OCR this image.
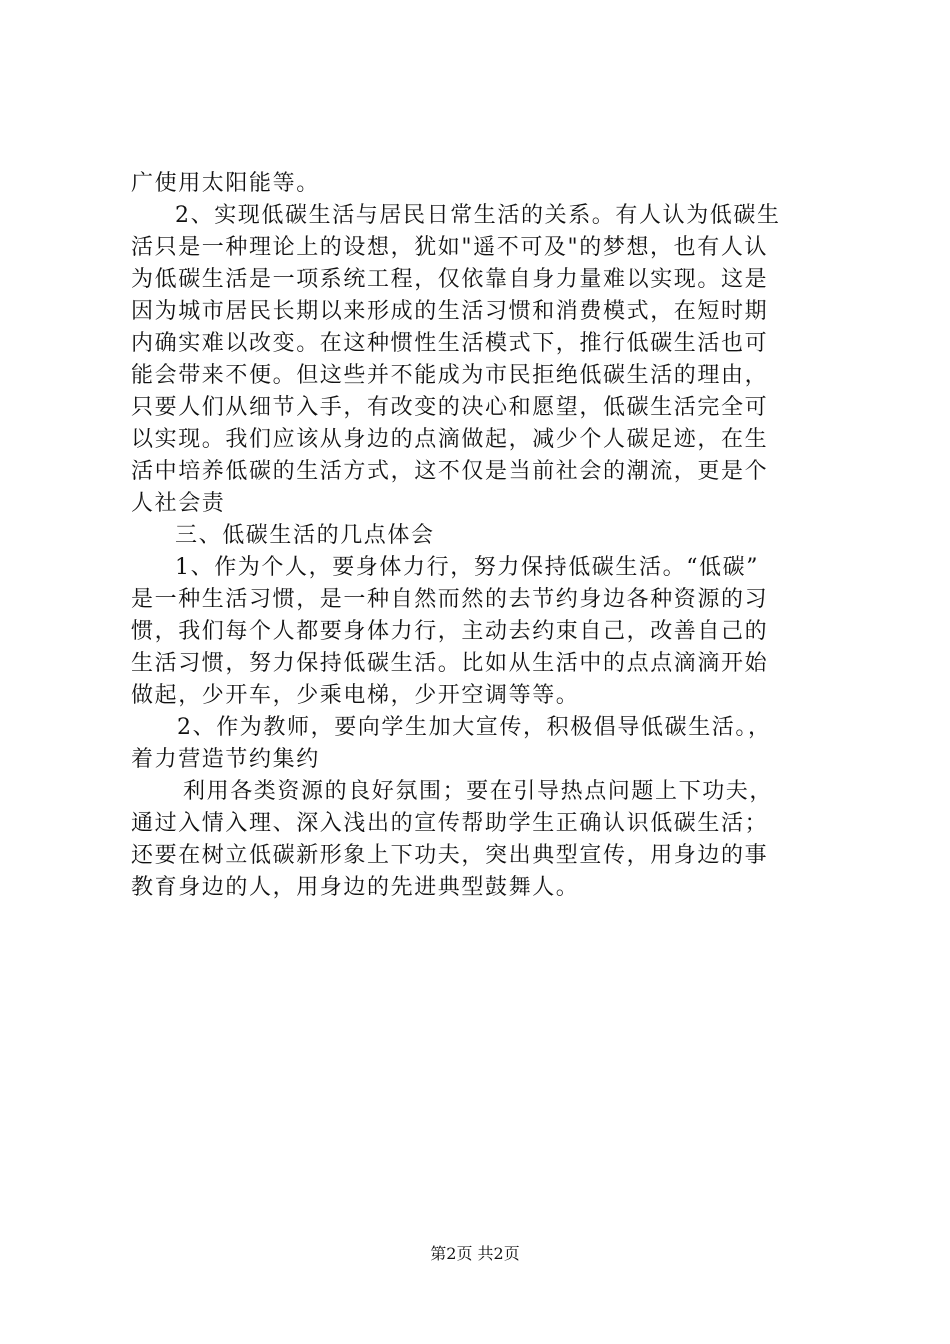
广使用太阳能等。
2、实现低碳生活与居民日常生活的关系。有人认为低碳生
活只是一种理论上的设想，犹如"遥不可及"的梦想，也有人认
为低碳生活是一项系统工程，仅依靠自身力量难以实现。这是
因为城市居民长期以来形成的生活习惯和消费模式，在短时期
内确实难以改变。在这种惯性生活模式下，推行低碳生活也可
能会带来不便。但这些并不能成为市民拒绝低碳生活的理由，
只要人们从细节入手，有改变的决心和愿望，低碳生活完全可
以实现。我们应该从身边的点滴做起，减少个人碳足迹，在生
活中培养低碳的生活方式，这不仅是当前社会的潮流，更是个
人社会责
三、低碳生活的几点体会
1、作为个人，要身体力行，努力保持低碳生活。“低碳”
是一种生活习惯，是一种自然而然的去节约身边各种资源的习
惯，我们每个人都要身体力行，主动去约束自己，改善自己的
生活习惯，努力保持低碳生活。比如从生活中的点点滴滴开始
做起，少开车，少乘电梯，少开空调等等。
2、作为教师，要向学生加大宣传，积极倡导低碳生活。，
着力营造节约集约
利用各类资源的良好氛围；要在引导热点问题上下功夫，
通过入情入理、深入浅出的宣传帮助学生正确认识低碳生活；
还要在树立低碳新形象上下功夫，突出典型宣传，用身边的事
教育身边的人，用身边的先进典型鼓舞人。
第2页 共2页
